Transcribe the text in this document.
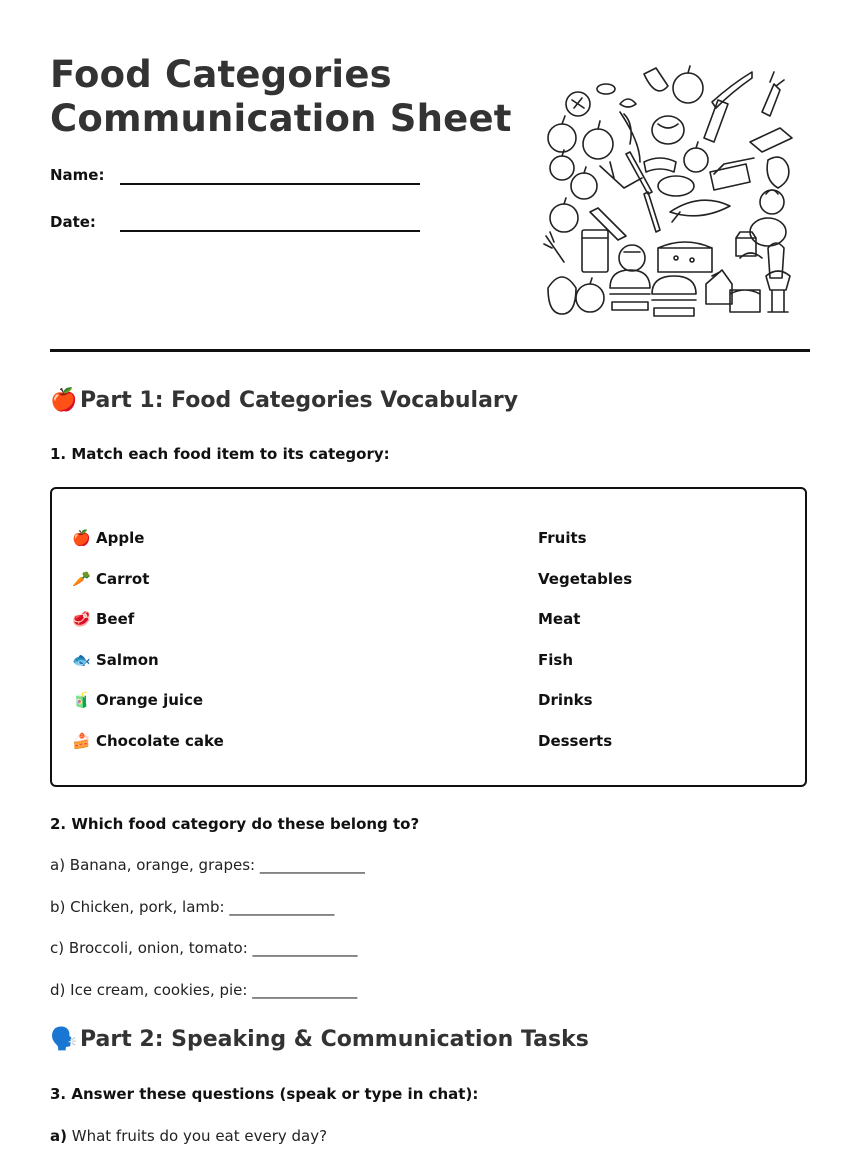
Food Categories
Communication Sheet
Name:
Date:
🍎 Part 1: Food Categories Vocabulary
1. Match each food item to its category:
🍎 Apple
🥕 Carrot
🥩 Beef
🐟 Salmon
🧃 Orange juice
🍰 Chocolate cake
Fruits
Vegetables
Meat
Fish
Drinks
Desserts
2. Which food category do these belong to?
a) Banana, orange, grapes: ______________
b) Chicken, pork, lamb: ______________
c) Broccoli, onion, tomato: ______________
d) Ice cream, cookies, pie: ______________
🗣️ Part 2: Speaking & Communication Tasks
3. Answer these questions (speak or type in chat):
a) What fruits do you eat every day?
